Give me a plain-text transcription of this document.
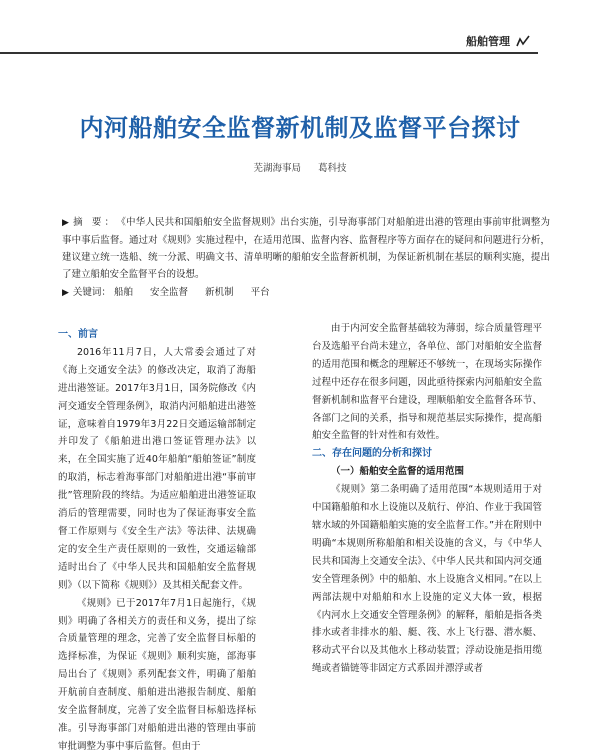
船舶管理
内河船舶安全监督新机制及监督平台探讨
芜湖海事局 葛科技
▶ 摘 要： 《中华人民共和国船舶安全监督规则》出台实施，引导海事部门对船舶进出港的管理由事前审批调整为事中事后监督。通过对《规则》实施过程中，在适用范围、监督内容、监督程序等方面存在的疑问和问题进行分析，建议建立统一选船、统一分派、明确文书、清单明晰的船舶安全监督新机制，为保证新机制在基层的顺利实施，提出了建立船舶安全监督平台的设想。
▶ 关键词： 船舶 安全监督 新机制 平台

一、前言

2016年11月7日，人大常委会通过了对《海上交通安全法》的修改决定，取消了海船进出港签证。2017年3月1日，国务院修改《内河交通安全管理条例》，取消内河船舶进出港签证，意味着自1979年3月22日交通运输部制定并印发了《船舶进出港口签证管理办法》以来，在全国实施了近40年船舶“船舶签证”制度的取消，标志着海事部门对船舶进出港“事前审批”管理阶段的终结。为适应船舶进出港签证取消后的管理需要，同时也为了保证海事安全监督工作原则与《安全生产法》等法律、法规确定的安全生产责任原则的一致性，交通运输部适时出台了《中华人民共和国船舶安全监督规则》（以下简称《规则》）及其相关配套文件。

《规则》已于2017年7月1日起施行，《规则》明确了各相关方的责任和义务，提出了综合质量管理的理念，完善了安全监督目标船的选择标准，为保证《规则》顺利实施，部海事局出台了《规则》系列配套文件，明确了船舶开航前自查制度、船舶进出港报告制度、船舶安全监督制度，完善了安全监督目标船选择标准。引导海事部门对船舶进出港的管理由事前审批调整为事中事后监督。但由于

由于内河安全监督基础较为薄弱，综合质量管理平台及选船平台尚未建立，各单位、部门对船舶安全监督的适用范围和概念的理解还不够统一，在现场实际操作过程中还存在很多问题，因此亟待探索内河船舶安全监督新机制和监督平台建设，理顺船舶安全监督各环节、各部门之间的关系，指导和规范基层实际操作，提高船舶安全监督的针对性和有效性。

二、存在问题的分析和探讨

（一）船舶安全监督的适用范围

《规则》第二条明确了适用范围“本规则适用于对中国籍船舶和水上设施以及航行、停泊、作业于我国管辖水域的外国籍船舶实施的安全监督工作。”并在附则中明确“本规则所称船舶和相关设施的含义，与《中华人民共和国海上交通安全法》、《中华人民共和国内河交通安全管理条例》中的船舶、水上设施含义相同。”在以上两部法规中对船舶和水上设施的定义大体一致，根据《内河水上交通安全管理条例》的解释，船舶是指各类排水或者非排水的船、艇、筏、水上飞行器、潜水艇、移动式平台以及其他水上移动装置；浮动设施是指用缆绳或者锚链等非固定方式系固并漂浮或者
